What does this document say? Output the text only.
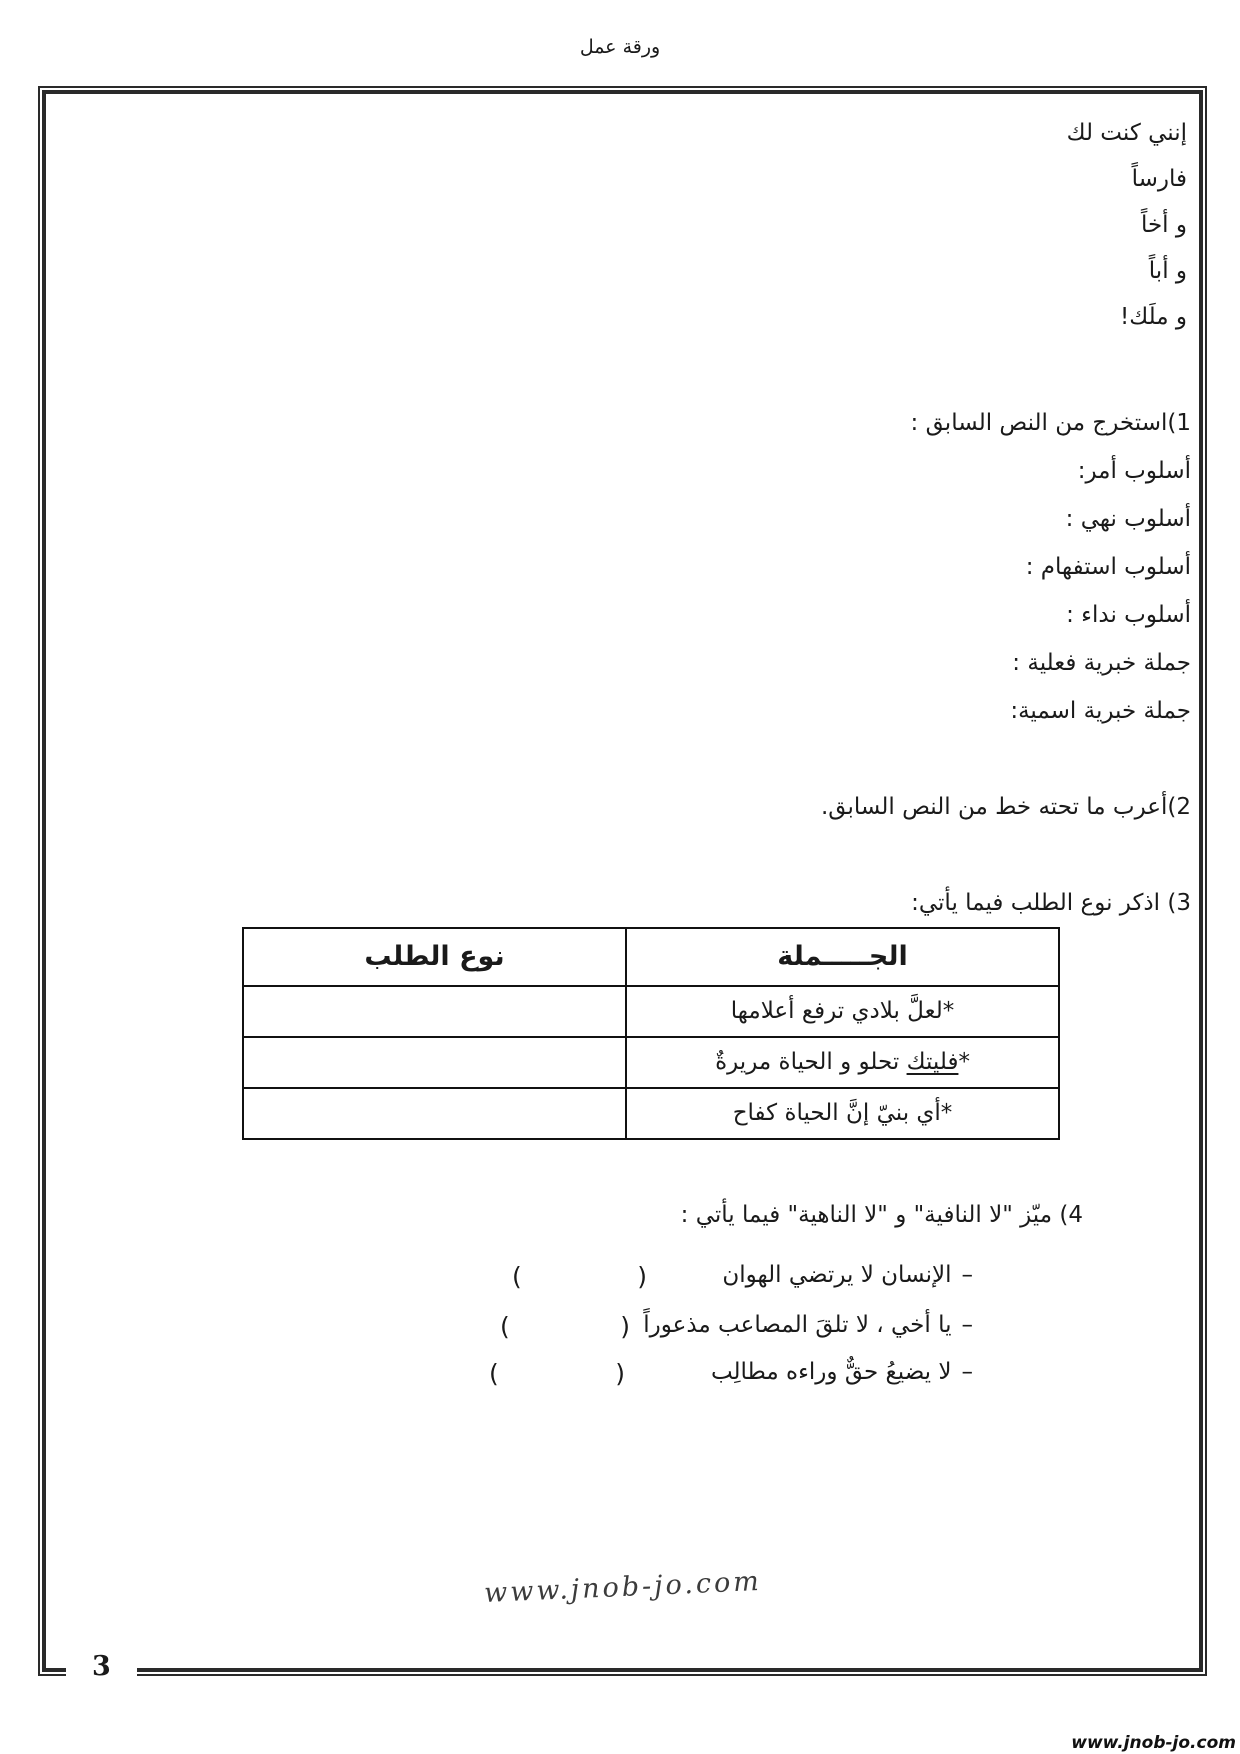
ورقة عمل
إنني كنت لك
فارساً
و أخاً
و أباً
و ملَك!
1)استخرج من النص السابق :
أسلوب أمر:
أسلوب نهي :
أسلوب استفهام :
أسلوب نداء :
جملة خبرية فعلية :
جملة خبرية اسمية:
2)أعرب ما تحته خط من النص السابق.
3) اذكر نوع الطلب فيما يأتي:
الجـــــملة	نوع الطلب
*لعلَّ بلادي ترفع أعلامها	
*فليتك تحلو و الحياة مريرةٌ	
*أي بنيّ إنَّ الحياة كفاح	
4) ميّز "لا النافية" و "لا الناهية" فيما يأتي :
–
الإنسان لا يرتضي الهوان
(	)
–
يا أخي ، لا تلقَ المصاعب مذعوراً
(	)
–
لا يضيعُ حقٌّ وراءه مطالِب
(	)
www.jnob-jo.com
3
www.jnob-jo.com
